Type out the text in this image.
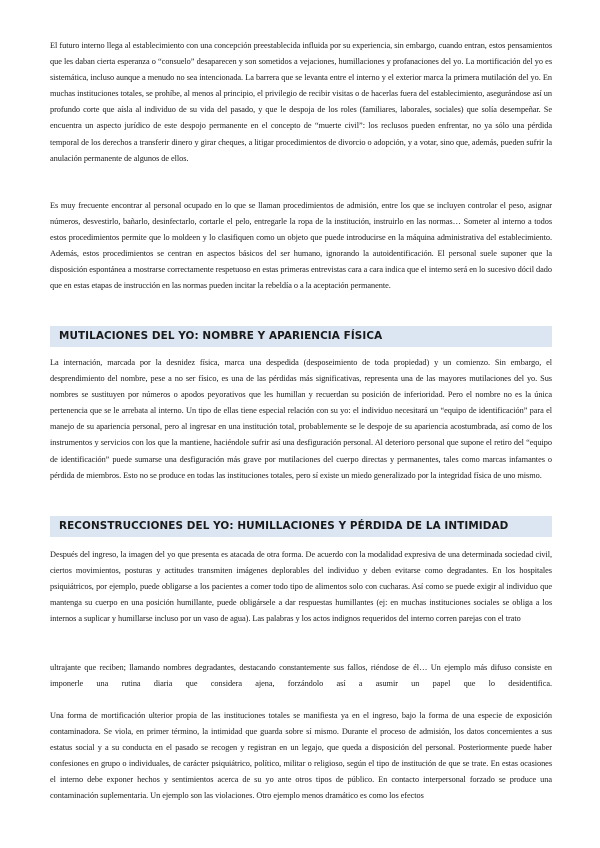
El futuro interno llega al establecimiento con una concepción preestablecida influida por su experiencia, sin embargo, cuando entran, estos pensamientos que les daban cierta esperanza o “consuelo” desaparecen y son sometidos a vejaciones, humillaciones y profanaciones del yo. La mortificación del yo es sistemática, incluso aunque a menudo no sea intencionada. La barrera que se levanta entre el interno y el exterior marca la primera mutilación del yo. En muchas instituciones totales, se prohíbe, al menos al principio, el privilegio de recibir visitas o de hacerlas fuera del establecimiento, asegurándose así un profundo corte que aísla al individuo de su vida del pasado, y que le despoja de los roles (familiares, laborales, sociales) que solía desempeñar. Se encuentra un aspecto jurídico de este despojo permanente en el concepto de “muerte civil”: los reclusos pueden enfrentar, no ya sólo una pérdida temporal de los derechos a transferir dinero y girar cheques, a litigar procedimientos de divorcio o adopción, y a votar, sino que, además, pueden sufrir la anulación permanente de algunos de ellos.

Es muy frecuente encontrar al personal ocupado en lo que se llaman procedimientos de admisión, entre los que se incluyen controlar el peso, asignar números, desvestirlo, bañarlo, desinfectarlo, cortarle el pelo, entregarle la ropa de la institución, instruirlo en las normas… Someter al interno a todos estos procedimientos permite que lo moldeen y lo clasifiquen como un objeto que puede introducirse en la máquina administrativa del establecimiento. Además, estos procedimientos se centran en aspectos básicos del ser humano, ignorando la autoidentificación. El personal suele suponer que la disposición espontánea a mostrarse correctamente respetuoso en estas primeras entrevistas cara a cara indica que el interno será en lo sucesivo dócil dado que en estas etapas de instrucción en las normas pueden incitar la rebeldía o a la aceptación permanente.

MUTILACIONES DEL YO: NOMBRE Y APARIENCIA FÍSICA

La internación, marcada por la desnidez física, marca una despedida (desposeimiento de toda propiedad) y un comienzo. Sin embargo, el desprendimiento del nombre, pese a no ser físico, es una de las pérdidas más significativas, representa una de las mayores mutilaciones del yo. Sus nombres se sustituyen por números o apodos peyorativos que les humillan y recuerdan su posición de inferioridad. Pero el nombre no es la única pertenencia que se le arrebata al interno. Un tipo de ellas tiene especial relación con su yo: el individuo necesitará un “equipo de identificación” para el manejo de su apariencia personal, pero al ingresar en una institución total, probablemente se le despoje de su apariencia acostumbrada, así como de los instrumentos y servicios con los que la mantiene, haciéndole sufrir así una desfiguración personal. Al deterioro personal que supone el retiro del “equipo de identificación” puede sumarse una desfiguración más grave por mutilaciones del cuerpo directas y permanentes, tales como marcas infamantes o pérdida de miembros. Esto no se produce en todas las instituciones totales, pero sí existe un miedo generalizado por la integridad física de uno mismo.

RECONSTRUCCIONES DEL YO: HUMILLACIONES Y PÉRDIDA DE LA INTIMIDAD

Después del ingreso, la imagen del yo que presenta es atacada de otra forma. De acuerdo con la modalidad expresiva de una determinada sociedad civil, ciertos movimientos, posturas y actitudes transmiten imágenes deplorables del individuo y deben evitarse como degradantes. En los hospitales psiquiátricos, por ejemplo, puede obligarse a los pacientes a comer todo tipo de alimentos solo con cucharas. Así como se puede exigir al individuo que mantenga su cuerpo en una posición humillante, puede obligársele a dar respuestas humillantes (ej: en muchas instituciones sociales se obliga a los internos a suplicar y humillarse incluso por un vaso de agua). Las palabras y los actos indignos requeridos del interno corren parejas con el trato

ultrajante que reciben; llamando nombres degradantes, destacando constantemente sus fallos, riéndose de él… Un ejemplo más difuso consiste en imponerle una rutina diaria que considera ajena, forzándolo así a asumir un papel que lo desidentifica.

Una forma de mortificación ulterior propia de las instituciones totales se manifiesta ya en el ingreso, bajo la forma de una especie de exposición contaminadora. Se viola, en primer término, la intimidad que guarda sobre sí mismo. Durante el proceso de admisión, los datos concernientes a sus estatus social y a su conducta en el pasado se recogen y registran en un legajo, que queda a disposición del personal. Posteriormente puede haber confesiones en grupo o individuales, de carácter psiquiátrico, político, militar o religioso, según el tipo de institución de que se trate. En estas ocasiones el interno debe exponer hechos y sentimientos acerca de su yo ante otros tipos de público. En contacto interpersonal forzado se produce una contaminación suplementaria. Un ejemplo son las violaciones. Otro ejemplo menos dramático es como los efectos
